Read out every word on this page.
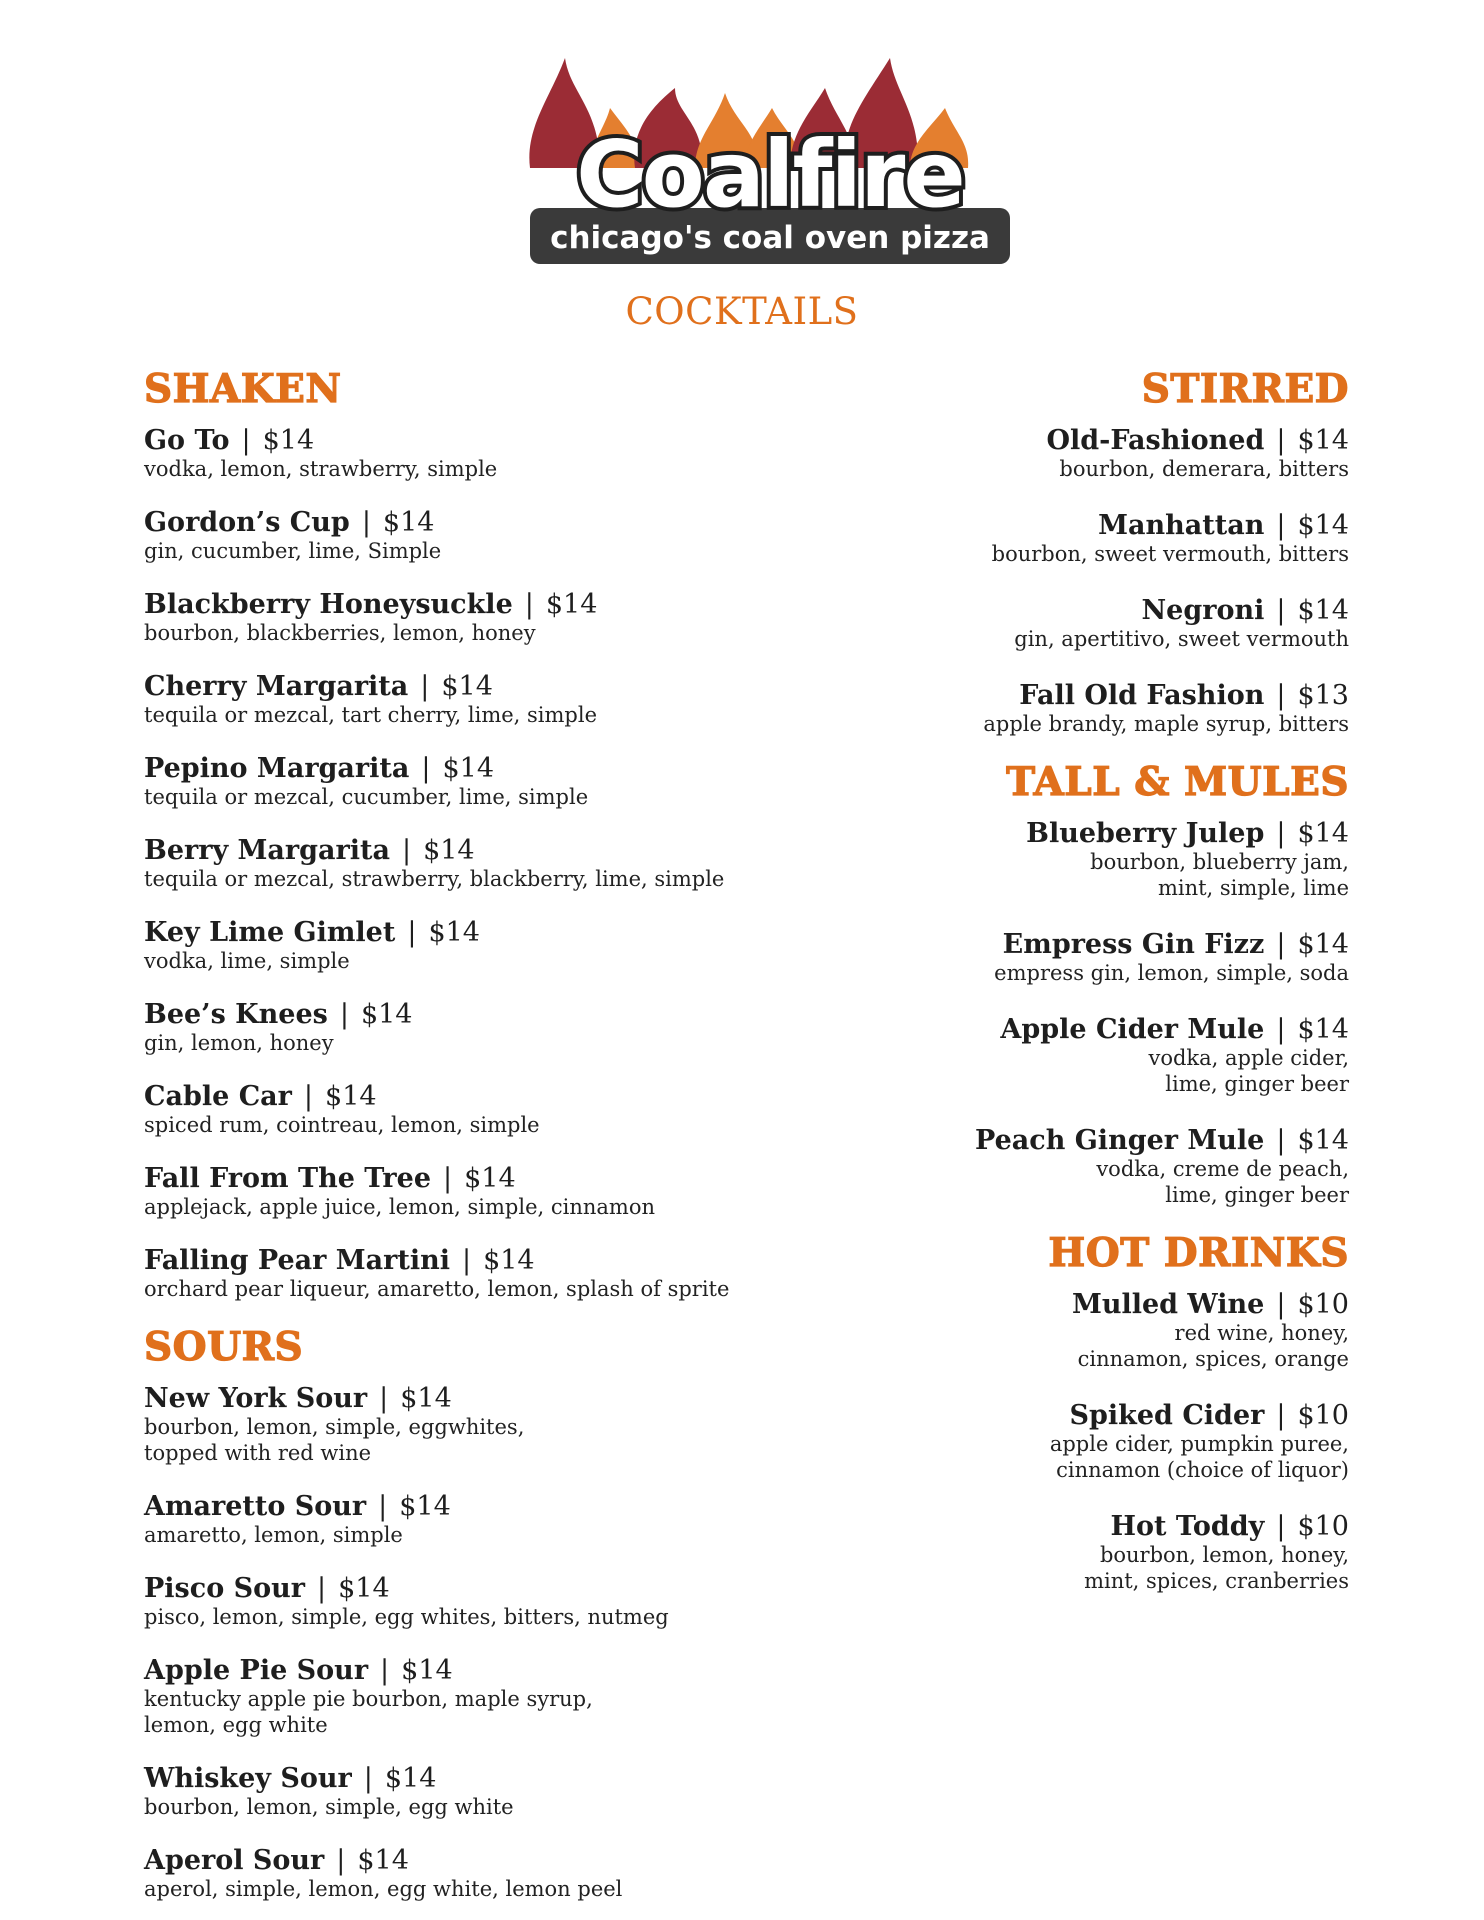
Coalfire
chicago's coal oven pizza
COCKTAILS
SHAKEN
Go To | $14
vodka, lemon, strawberry, simple
Gordon’s Cup | $14
gin, cucumber, lime, Simple
Blackberry Honeysuckle | $14
bourbon, blackberries, lemon, honey
Cherry Margarita | $14
tequila or mezcal, tart cherry, lime, simple
Pepino Margarita | $14
tequila or mezcal, cucumber, lime, simple
Berry Margarita | $14
tequila or mezcal, strawberry, blackberry, lime, simple
Key Lime Gimlet | $14
vodka, lime, simple
Bee’s Knees | $14
gin, lemon, honey
Cable Car | $14
spiced rum, cointreau, lemon, simple
Fall From The Tree | $14
applejack, apple juice, lemon, simple, cinnamon
Falling Pear Martini | $14
orchard pear liqueur, amaretto, lemon, splash of sprite
SOURS
New York Sour | $14
bourbon, lemon, simple, eggwhites,
topped with red wine
Amaretto Sour | $14
amaretto, lemon, simple
Pisco Sour | $14
pisco, lemon, simple, egg whites, bitters, nutmeg
Apple Pie Sour | $14
kentucky apple pie bourbon, maple syrup,
lemon, egg white
Whiskey Sour | $14
bourbon, lemon, simple, egg white
Aperol Sour | $14
aperol, simple, lemon, egg white, lemon peel
STIRRED
Old-Fashioned | $14
bourbon, demerara, bitters
Manhattan | $14
bourbon, sweet vermouth, bitters
Negroni | $14
gin, apertitivo, sweet vermouth
Fall Old Fashion | $13
apple brandy, maple syrup, bitters
TALL & MULES
Blueberry Julep | $14
bourbon, blueberry jam,
mint, simple, lime
Empress Gin Fizz | $14
empress gin, lemon, simple, soda
Apple Cider Mule | $14
vodka, apple cider,
lime, ginger beer
Peach Ginger Mule | $14
vodka, creme de peach,
lime, ginger beer
HOT DRINKS
Mulled Wine | $10
red wine, honey,
cinnamon, spices, orange
Spiked Cider | $10
apple cider, pumpkin puree,
cinnamon (choice of liquor)
Hot Toddy | $10
bourbon, lemon, honey,
mint, spices, cranberries
